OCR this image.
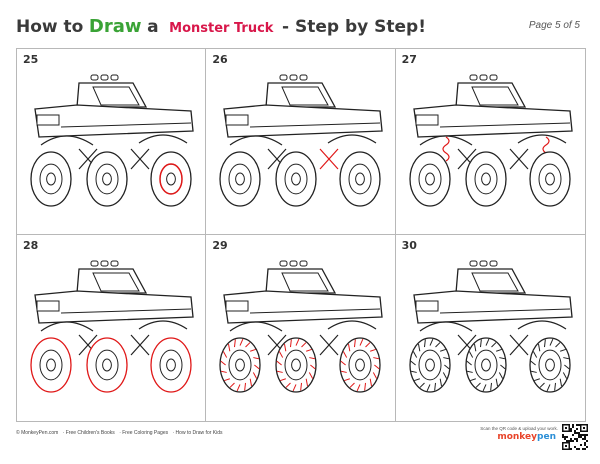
How to Draw a Monster Truck - Step by Step!	Page 5 of 5
25	26	27
28	29	30
© MonkeyPen.com · Free Children's Books · Free Coloring Pages · How to Draw for Kids
Scan the QR code & upload your work.
monkeypen
